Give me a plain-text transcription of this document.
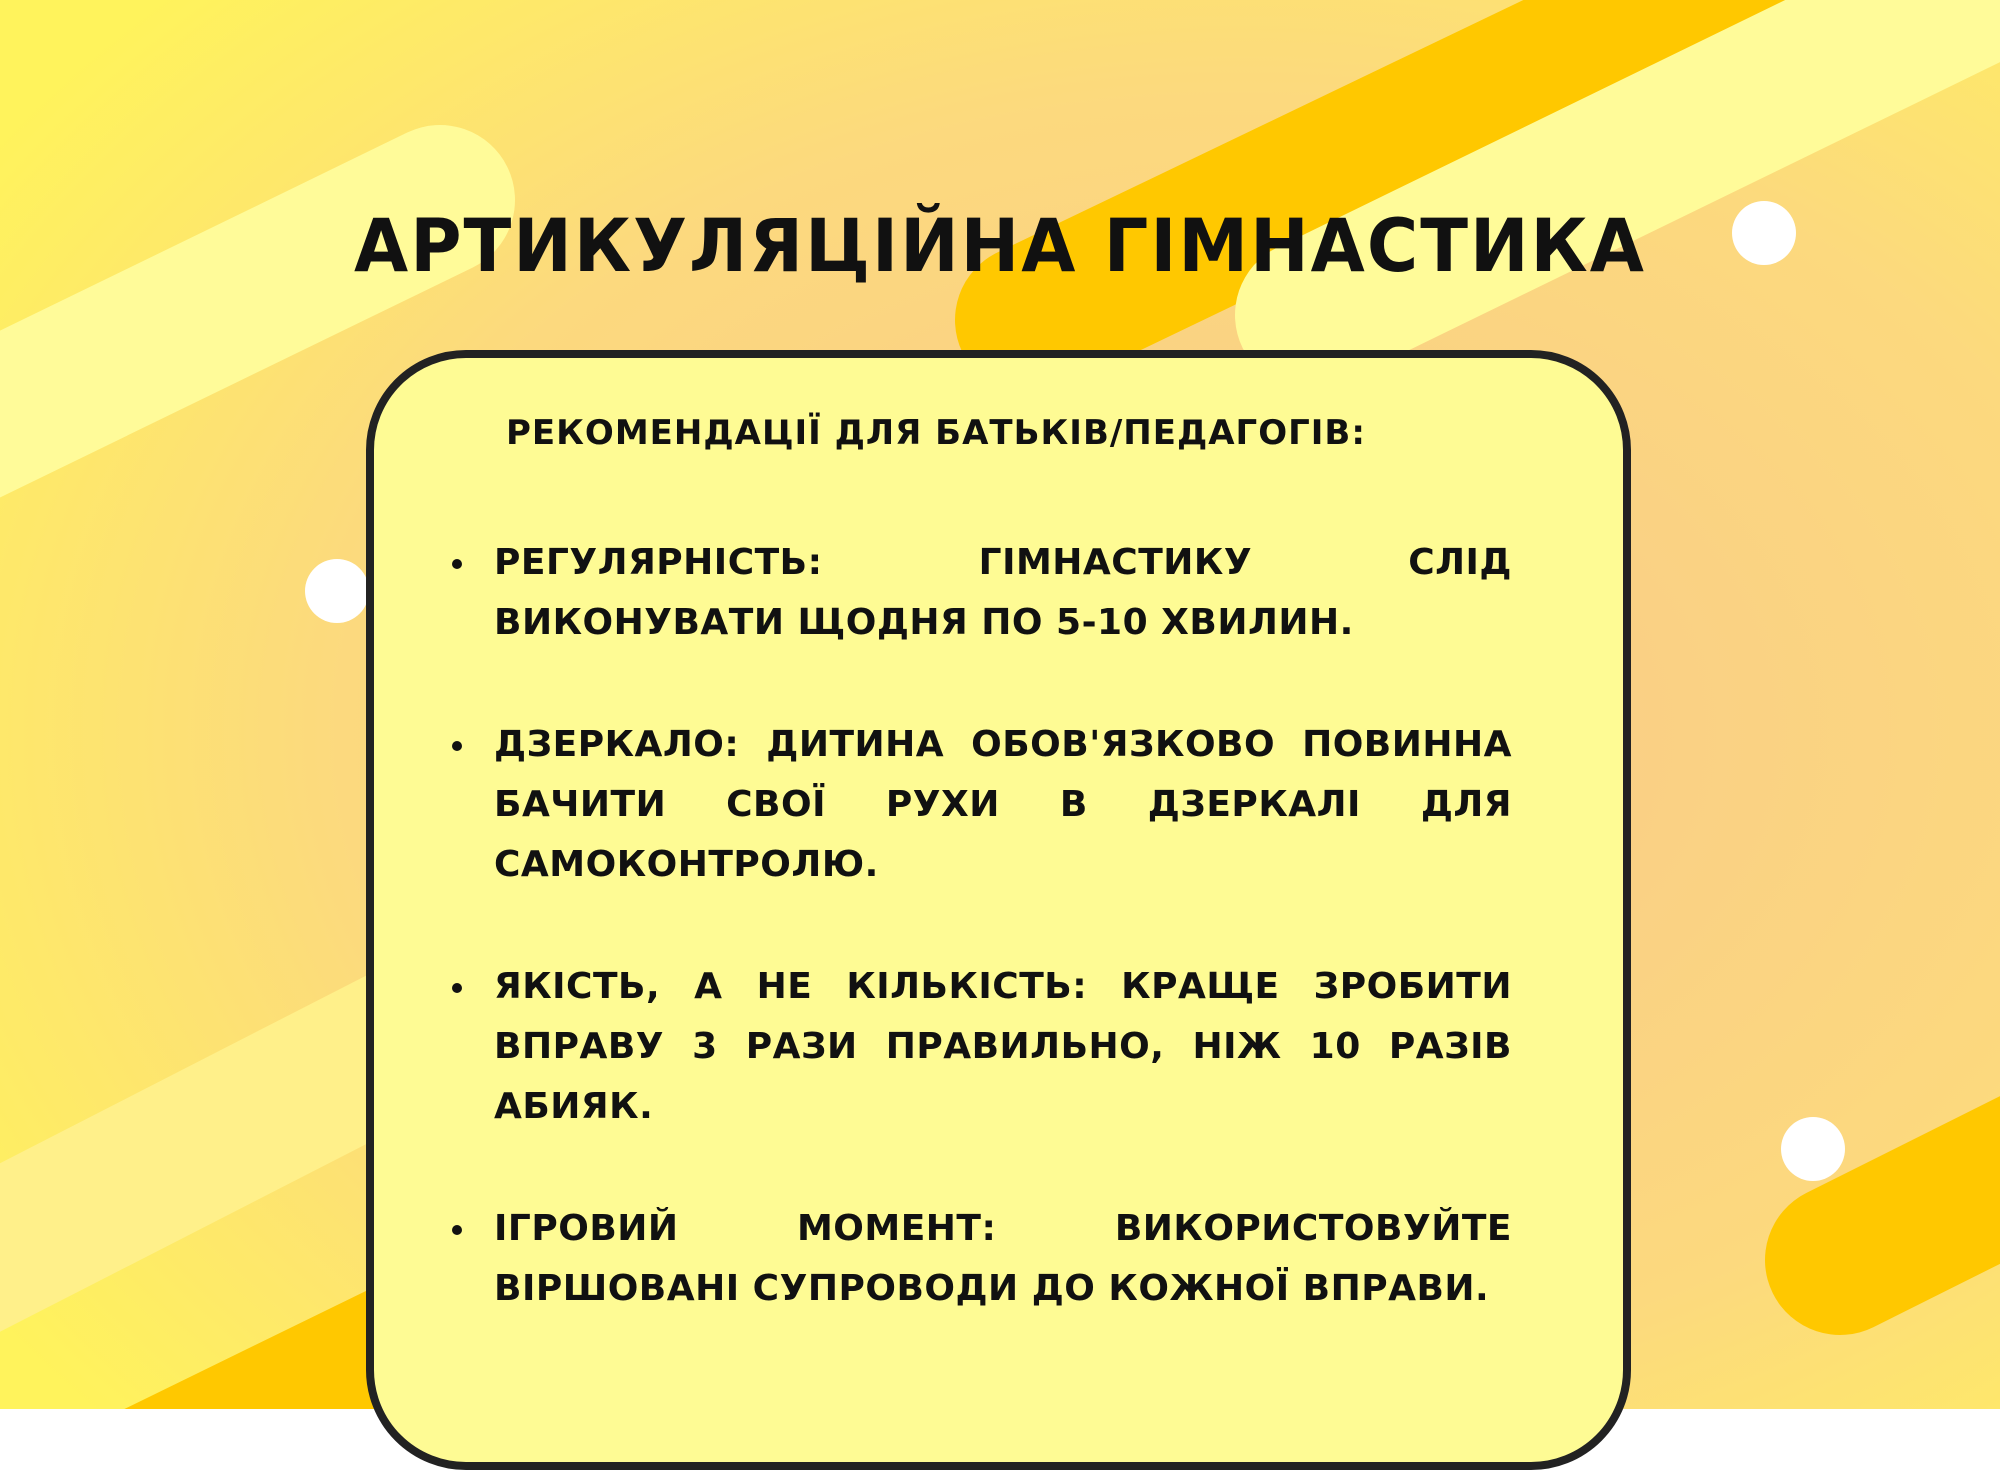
АРТИКУЛЯЦІЙНА ГІМНАСТИКА
РЕКОМЕНДАЦІЇ ДЛЯ БАТЬКІВ/ПЕДАГОГІВ:
РЕГУЛЯРНІСТЬ: ГІМНАСТИКУ СЛІД ВИКОНУВАТИ ЩОДНЯ ПО 5-10 ХВИЛИН.
ДЗЕРКАЛО: ДИТИНА ОБОВ'ЯЗКОВО ПОВИННА БАЧИТИ СВОЇ РУХИ В ДЗЕРКАЛІ ДЛЯ САМОКОНТРОЛЮ.
ЯКІСТЬ, А НЕ КІЛЬКІСТЬ: КРАЩЕ ЗРОБИТИ ВПРАВУ 3 РАЗИ ПРАВИЛЬНО, НІЖ 10 РАЗІВ АБИЯК.
ІГРОВИЙ МОМЕНТ: ВИКОРИСТОВУЙТЕ ВІРШОВАНІ СУПРОВОДИ ДО КОЖНОЇ ВПРАВИ.
